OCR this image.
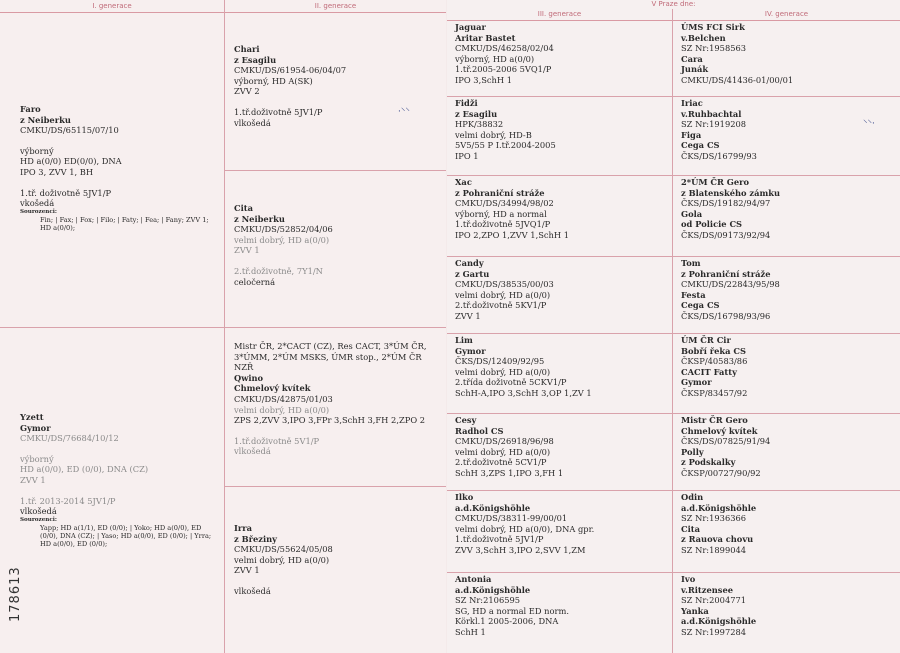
I. generace	II. generace
Faro
z Neiberku
CMKU/DS/65115/07/10
výborný
HD a(0/0) ED(0/0), DNA
IPO 3, ZVV 1, BH
1.tř. doživotně 5JV1/P
vkošedá
Sourozenci:
Fin; | Fax; | Fox; | Filo; | Faty; | Fea; | Fany; ZVV 1; HD a(0/0);
Yzett
Gymor
CMKU/DS/76684/10/12
výborný
HD a(0/0), ED (0/0), DNA (CZ)
ZVV 1
1.tř. 2013-2014 5JV1/P
vlkošedá
Sourozenci:
Yapp; HD a(1/1), ED (0/0); | Yoko; HD a(0/0), ED (0/0), DNA (CZ); | Yaso; HD a(0/0), ED (0/0); | Yrra; HD a(0/0), ED (0/0);
Chari
z Esagilu
CMKU/DS/61954-06/04/07
výborný, HD A(SK)
ZVV 2
1.tř.doživotně 5JV1/P
vlkošedá
·⸌⸌
Cita
z Neiberku
CMKU/DS/52852/04/06
velmi dobrý, HD a(0/0)
ZVV 1
2.tř.doživotně, 7Y1/N
celočerná
Mistr ČR, 2*CACT (CZ), Res CACT, 3*ÚM ČR, 3*ÚMM, 2*ÚM MSKS, ÚMR stop., 2*ÚM ČR NZŘ
Qwino
Chmelový kvítek
CMKU/DS/42875/01/03
velmi dobrý, HD a(0/0)
ZPS 2,ZVV 3,IPO 3,FPr 3,SchH 3,FH 2,ZPO 2
1.tř.doživotně 5V1/P
vlkošedá
Irra
z Březiny
CMKU/DS/55624/05/08
velmi dobrý, HD a(0/0)
ZVV 1
vlkošedá
178613
V Praze dne:
III. generace	IV. generace
Jaguar
Aritar Bastet
CMKU/DS/46258/02/04
výborný, HD a(0/0)
1.tř.2005-2006 5VQ1/P
IPO 3,SchH 1
ÚMS FCI Sirk
v.Belchen
SZ Nr:1958563
Cara
Junák
CMKU/DS/41436-01/00/01
Fidži
z Esagilu
HPK/38832
velmi dobrý, HD-B
5V5/55 P I.tř.2004-2005
IPO 1
Iriac
v.Ruhbachtal
SZ Nr:1919208
Figa
Cega CS
ČKS/DS/16799/93
Xac
z Pohraniční stráže
CMKU/DS/34994/98/02
výborný, HD a normal
1.tř.doživotně 5JVQ1/P
IPO 2,ZPO 1,ZVV 1,SchH 1
2*ÚM ČR Gero
z Blatenského zámku
ČKS/DS/19182/94/97
Gola
od Policie CS
ČKS/DS/09173/92/94
Candy
z Gartu
CMKU/DS/38535/00/03
velmi dobrý, HD a(0/0)
2.tř.doživotně 5KV1/P
ZVV 1
Tom
z Pohraniční stráže
CMKU/DS/22843/95/98
Festa
Cega CS
ČKS/DS/16798/93/96
Lim
Gymor
ČKS/DS/12409/92/95
velmi dobrý, HD a(0/0)
2.třída doživotně 5CKV1/P
SchH-A,IPO 3,SchH 3,OP 1,ZV 1
ÚM ČR Cir
Bobří řeka CS
ČKSP/40583/86
CACIT Fatty
Gymor
ČKSP/83457/92
Cesy
Radhol CS
CMKU/DS/26918/96/98
velmi dobrý, HD a(0/0)
2.tř.doživotně 5CV1/P
SchH 3,ZPS 1,IPO 3,FH 1
Mistr ČR Gero
Chmelový kvítek
ČKS/DS/07825/91/94
Polly
z Podskalky
ČKSP/00727/90/92
Ilko
a.d.Königshöhle
CMKU/DS/38311-99/00/01
velmi dobrý, HD a(0/0), DNA gpr.
1.tř.doživotně 5JV1/P
ZVV 3,SchH 3,IPO 2,SVV 1,ZM
Odin
a.d.Königshöhle
SZ Nr:1936366
Cita
z Rauova chovu
SZ Nr:1899044
Antonia
a.d.Königshöhle
SZ Nr:2106595
SG, HD a normal ED norm.
Körkl.1 2005-2006, DNA
SchH 1
Ivo
v.Ritzensee
SZ Nr:2004771
Yanka
a.d.Königshöhle
SZ Nr:1997284
⸌⸌·
